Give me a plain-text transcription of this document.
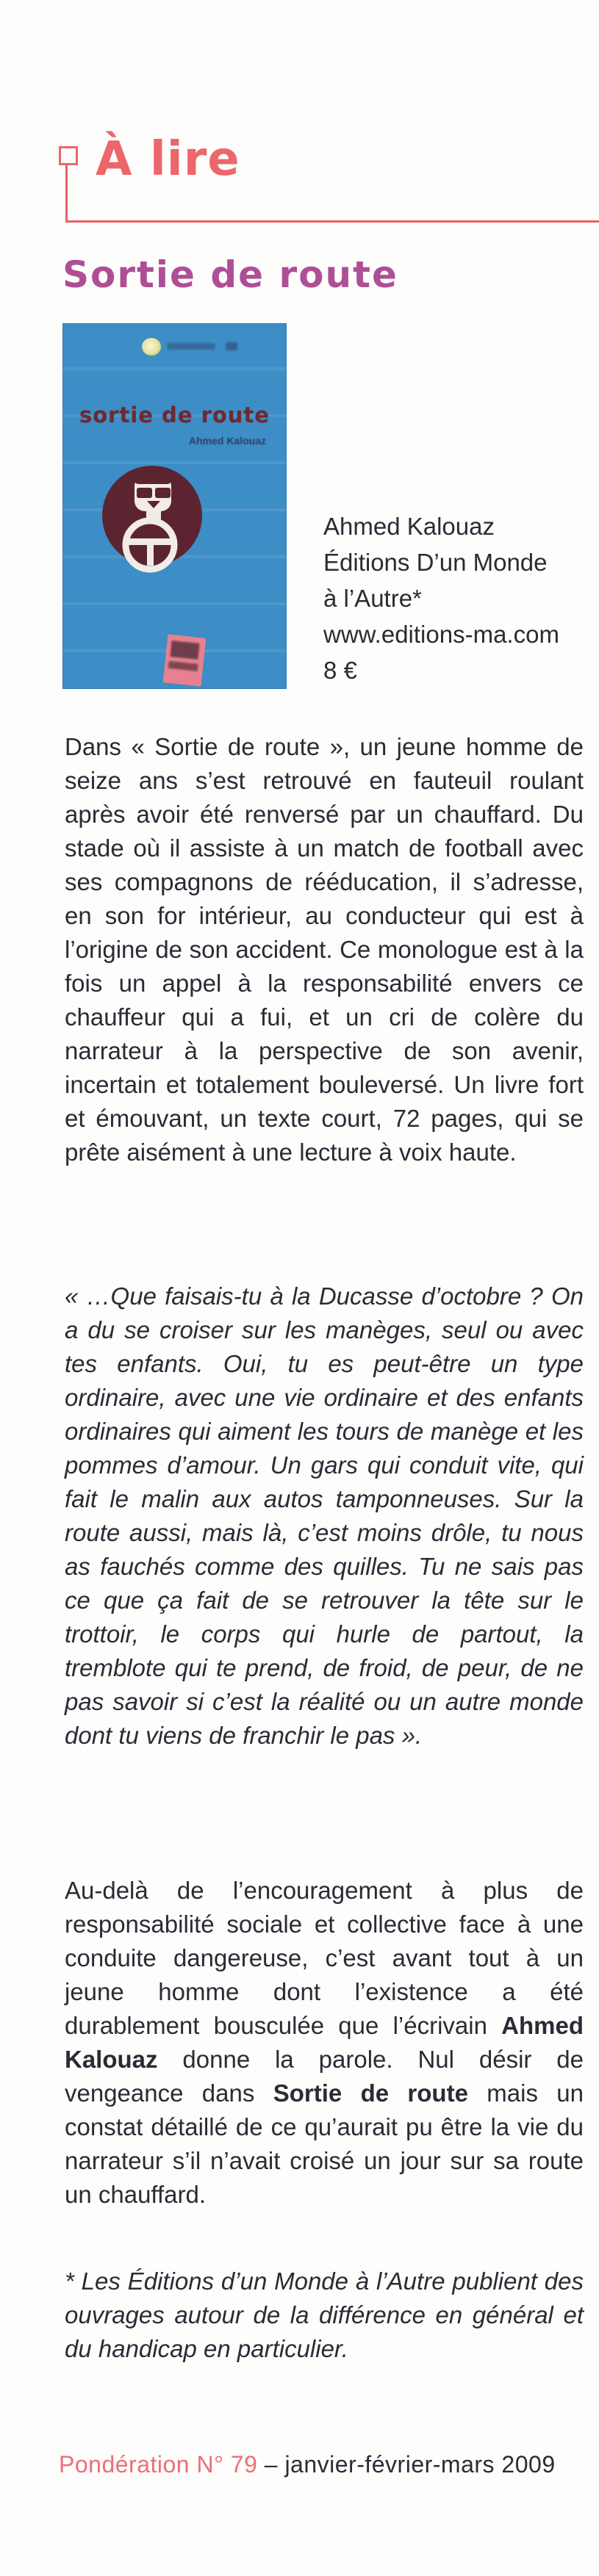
À lire
Sortie de route
sortie de route
Ahmed Kalouaz
Ahmed Kalouaz
Éditions D’un Monde
à l’Autre*
www.editions-ma.com
8 €
Dans « Sortie de route », un jeune homme de seize ans s’est retrouvé en fauteuil roulant après avoir été renversé par un chauffard. Du stade où il assiste à un match de football avec ses compagnons de rééducation, il s’adresse, en son for intérieur, au conducteur qui est à l’origine de son accident. Ce monologue est à la fois un appel à la responsabilité envers ce chauffeur qui a fui, et un cri de colère du narrateur à la perspective de son avenir, incertain et totalement bouleversé. Un livre fort et émouvant, un texte court, 72 pages, qui se prête aisément à une lecture à voix haute.
« …Que faisais-tu à la Ducasse d’octobre ? On a du se croiser sur les manèges, seul ou avec tes enfants. Oui, tu es peut-être un type ordinaire, avec une vie ordinaire et des enfants ordinaires qui aiment les tours de manège et les pommes d’amour. Un gars qui conduit vite, qui fait le malin aux autos tamponneuses. Sur la route aussi, mais là, c’est moins drôle, tu nous as fauchés comme des quilles. Tu ne sais pas ce que ça fait de se retrouver la tête sur le trottoir, le corps qui hurle de partout, la tremblote qui te prend, de froid, de peur, de ne pas savoir si c’est la réalité ou un autre monde dont tu viens de franchir le pas ».
Au-delà de l’encouragement à plus de responsabilité sociale et collective face à une conduite dangereuse, c’est avant tout à un jeune homme dont l’existence a été durablement bousculée que l’écrivain Ahmed Kalouaz donne la parole. Nul désir de vengeance dans Sortie de route mais un constat détaillé de ce qu’aurait pu être la vie du narrateur s’il n’avait croisé un jour sur sa route un chauffard.
* Les Éditions d’un Monde à l’Autre publient des ouvrages autour de la différence en général et du handicap en particulier.
Pondération N° 79 – janvier-février-mars 2009
